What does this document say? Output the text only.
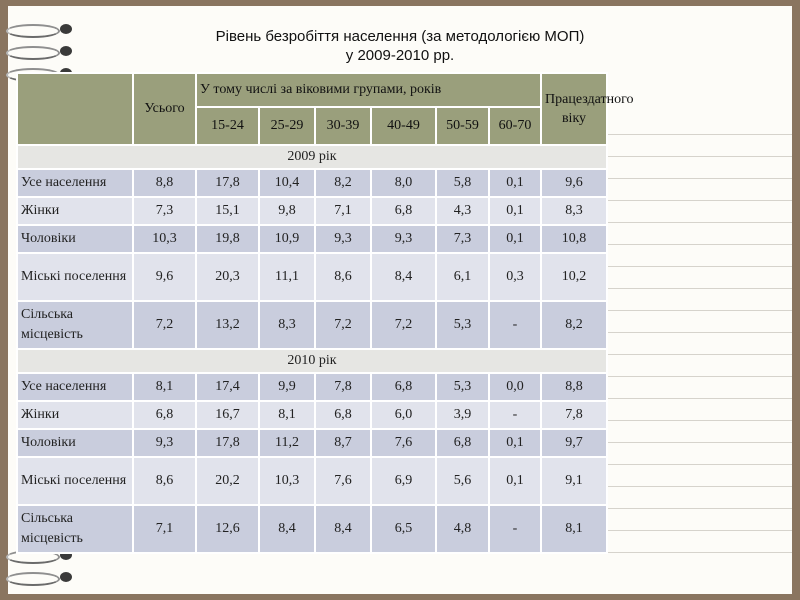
Рівень безробіття населення (за методологією МОП)
у 2009-2010 рр.
	Усього	У тому числі за віковими групами, років						Працездатного віку
		15-24	25-29	30-39	40-49	50-59	60-70	
2009 рік								
Усе населення	8,8	17,8	10,4	8,2	8,0	5,8	0,1	9,6
Жінки	7,3	15,1	9,8	7,1	6,8	4,3	0,1	8,3
Чоловіки	10,3	19,8	10,9	9,3	9,3	7,3	0,1	10,8
Міські поселення	9,6	20,3	11,1	8,6	8,4	6,1	0,3	10,2
Сільська місцевість	7,2	13,2	8,3	7,2	7,2	5,3	-	8,2
2010 рік								
Усе населення	8,1	17,4	9,9	7,8	6,8	5,3	0,0	8,8
Жінки	6,8	16,7	8,1	6,8	6,0	3,9	-	7,8
Чоловіки	9,3	17,8	11,2	8,7	7,6	6,8	0,1	9,7
Міські поселення	8,6	20,2	10,3	7,6	6,9	5,6	0,1	9,1
Сільська місцевість	7,1	12,6	8,4	8,4	6,5	4,8	-	8,1
